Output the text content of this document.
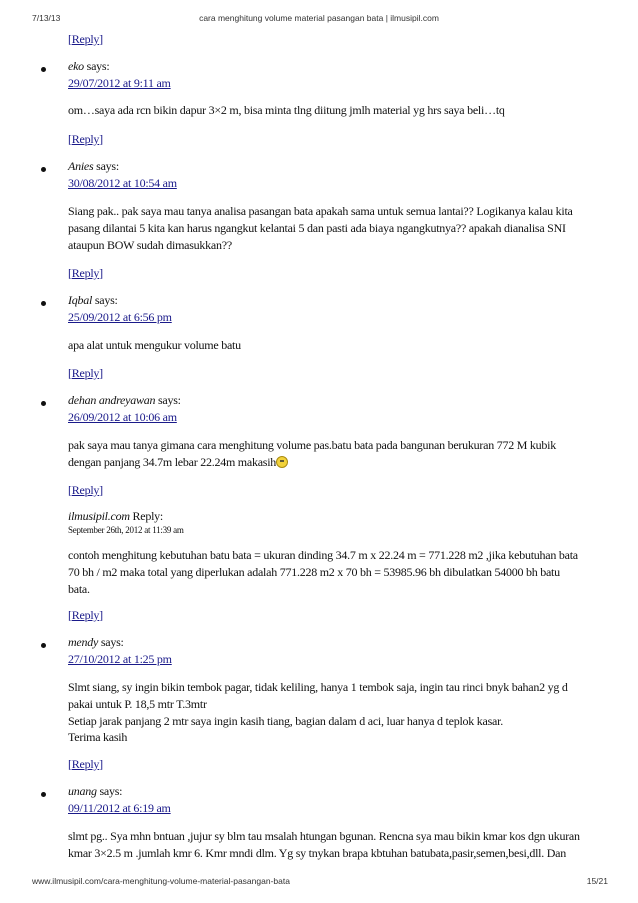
7/13/13	cara menghitung volume material pasangan bata | ilmusipil.com
[Reply]
eko says:
29/07/2012 at 9:11 am
om…saya ada rcn bikin dapur 3×2 m, bisa minta tlng diitung jmlh material yg hrs saya beli…tq
[Reply]
Anies says:
30/08/2012 at 10:54 am
Siang pak.. pak saya mau tanya analisa pasangan bata apakah sama untuk semua lantai?? Logikanya kalau kita
pasang dilantai 5 kita kan harus ngangkut kelantai 5 dan pasti ada biaya ngangkutnya?? apakah dianalisa SNI
ataupun BOW sudah dimasukkan??
[Reply]
Iqbal says:
25/09/2012 at 6:56 pm
apa alat untuk mengukur volume batu
[Reply]
dehan andreyawan says:
26/09/2012 at 10:06 am
pak saya mau tanya gimana cara menghitung volume pas.batu bata pada bangunan berukuran 772 M kubik
dengan panjang 34.7m lebar 22.24m makasih
[Reply]
ilmusipil.com Reply:
September 26th, 2012 at 11:39 am
contoh menghitung kebutuhan batu bata = ukuran dinding 34.7 m x 22.24 m = 771.228 m2 ,jika kebutuhan bata
70 bh / m2 maka total yang diperlukan adalah 771.228 m2 x 70 bh = 53985.96 bh dibulatkan 54000 bh batu
bata.
[Reply]
mendy says:
27/10/2012 at 1:25 pm
Slmt siang, sy ingin bikin tembok pagar, tidak keliling, hanya 1 tembok saja, ingin tau rinci bnyk bahan2 yg d
pakai untuk P. 18,5 mtr T.3mtr
Setiap jarak panjang 2 mtr saya ingin kasih tiang, bagian dalam d aci, luar hanya d teplok kasar.
Terima kasih
[Reply]
unang says:
09/11/2012 at 6:19 am
slmt pg.. Sya mhn bntuan ,jujur sy blm tau msalah htungan bgunan. Rencna sya mau bikin kmar kos dgn ukuran
kmar 3×2.5 m .jumlah kmr 6. Kmr mndi dlm. Yg sy tnykan brapa kbtuhan batubata,pasir,semen,besi,dll. Dan
www.ilmusipil.com/cara-menghitung-volume-material-pasangan-bata	15/21
